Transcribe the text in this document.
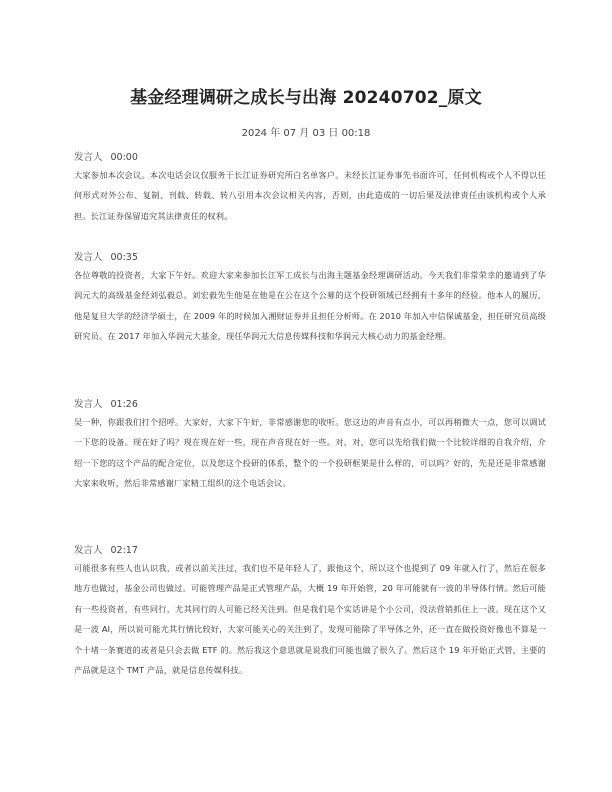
基金经理调研之成长与出海 20240702_原文
2024 年 07 月 03 日 00:18

发言人 00:00

大家参加本次会议。本次电话会议仅服务于长江证券研究所白名单客户。未经长江证券事先书面许可，任何机构或个人不得以任何形式对外公布、复制、刊载、转载、转八引用本次会议相关内容，否则，由此造成的一切后果及法律责任由该机构或个人承担。长江证券保留追究其法律责任的权利。

发言人 00:35

各位尊敬的投资者，大家下午好。欢迎大家来参加长江军工成长与出海主题基金经理调研活动。今天我们非常荣幸的邀请到了华润元大的高级基金经刘弘毅总。刘宏毅先生他是在他是在公在这个公募的这个投研领域已经拥有十多年的经验。他本人的履历，他是复旦大学的经济学硕士，在 2009 年的时候加入湘财证券并且担任分析师。在 2010 年加入中信保诚基金，担任研究员高级研究员。在 2017 年加入华润元大基金，现任华润元大信息传媒科技和华润元大核心动力的基金经理。

发言人 01:26

吴一种，你跟我们打个招呼。大家好，大家下午好，非常感谢您的收听。您这边的声音有点小，可以再稍微大一点，您可以调试一下您的设备。现在好了吗？现在现在好一些，现在声音现在好一些。对，对，您可以先给我们做一个比较详细的自我介绍，介绍一下您的这个产品的配合定位，以及您这个投研的体系，整个的一个投研框架是什么样的，可以吗？好的，先是还是非常感谢大家来收听，然后非常感谢厂家精工组织的这个电话会议。

发言人 02:17

可能很多有些人也认识我，或者以前关注过，我们也不是年轻人了，跟他这个，所以这个也提到了 09 年就入行了，然后在很多地方也做过，基金公司也做过。可能管理产品是正式管理产品，大概 19 年开始管，20 年可能就有一波的半导体行情。然后可能有一些投资者，有些同行，尤其同行的人可能已经关注到。但是我们是个实话讲是个小公司，没法营销抓住上一波。现在这个又是一波 AI，所以说可能尤其行情比较好，大家可能关心的关注到了，发现可能除了半导体之外，还一直在做投资好像也不算是一个十堵一条赛道的或者是只会去做 ETF 的。然后我这个意思就是说我们可能也做了很久了。然后这个 19 年开始正式管，主要的产品就是这个 TMT 产品，就是信息传媒科技。
